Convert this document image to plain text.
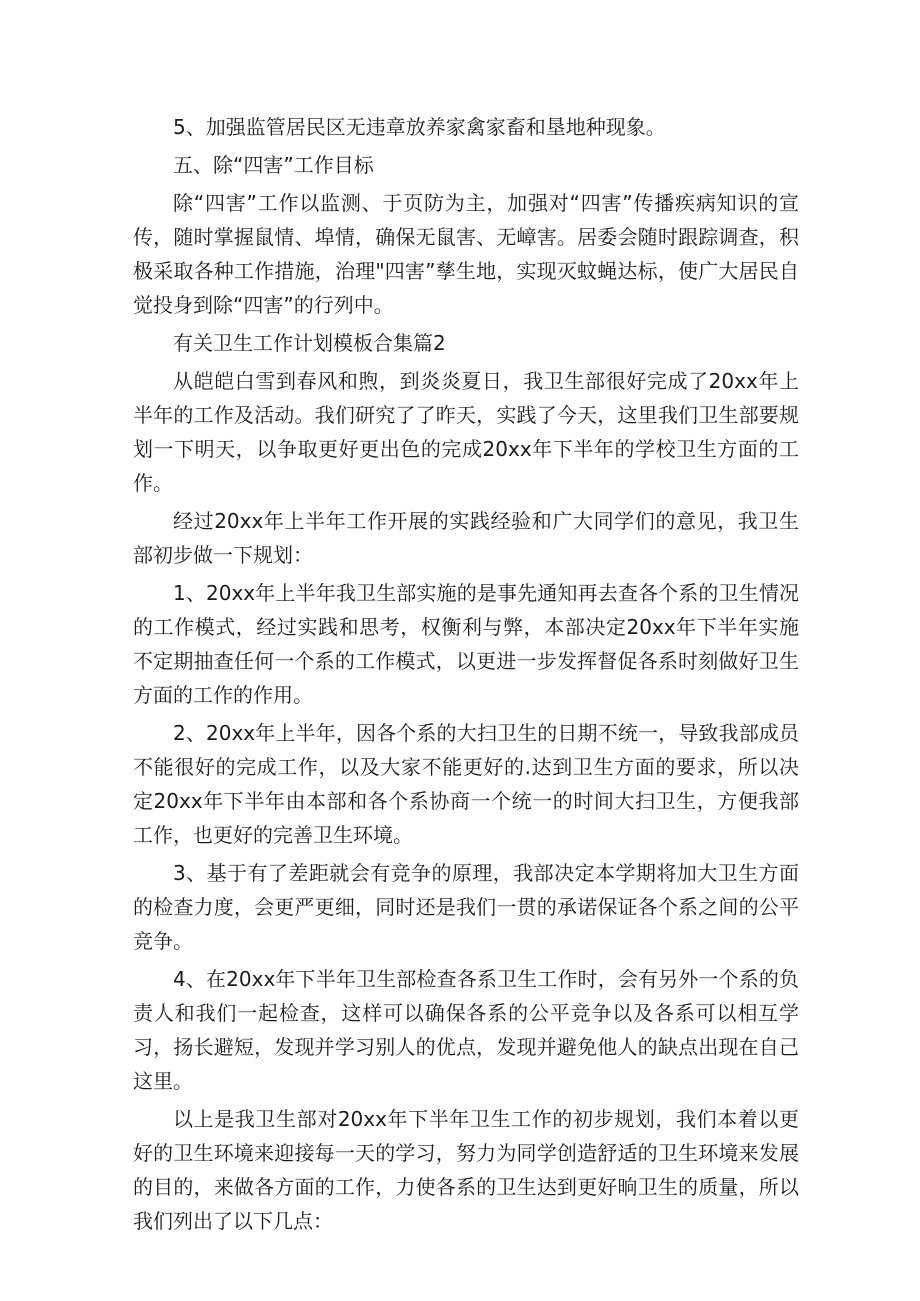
5、加强监管居民区无违章放养家禽家畜和垦地种现象。

五、除“四害”工作目标

除“四害”工作以监测、于页防为主，加强对“四害”传播疾病知识的宣传，随时掌握鼠情、埠情，确保无鼠害、无嶂害。居委会随时跟踪调查，积极采取各种工作措施，治理"四害”孳生地，实现灭蚊蝇达标，使广大居民自觉投身到除“四害”的行列中。

有关卫生工作计划模板合集篇2

从皑皑白雪到春风和煦，到炎炎夏日，我卫生部很好完成了20xx年上半年的工作及活动。我们研究了了昨天，实践了今天，这里我们卫生部要规划一下明天，以争取更好更出色的完成20xx年下半年的学校卫生方面的工作。

经过20xx年上半年工作开展的实践经验和广大同学们的意见，我卫生部初步做一下规划：

1、20xx年上半年我卫生部实施的是事先通知再去查各个系的卫生情况的工作模式，经过实践和思考，权衡利与弊，本部决定20xx年下半年实施不定期抽查任何一个系的工作模式，以更进一步发挥督促各系时刻做好卫生方面的工作的作用。

2、20xx年上半年，因各个系的大扫卫生的日期不统一，导致我部成员不能很好的完成工作，以及大家不能更好的.达到卫生方面的要求，所以决定20xx年下半年由本部和各个系协商一个统一的时间大扫卫生，方便我部工作，也更好的完善卫生环境。

3、基于有了差距就会有竞争的原理，我部决定本学期将加大卫生方面的检查力度，会更严更细，同时还是我们一贯的承诺保证各个系之间的公平竞争。

4、在20xx年下半年卫生部检查各系卫生工作时，会有另外一个系的负责人和我们一起检查，这样可以确保各系的公平竞争以及各系可以相互学习，扬长避短，发现并学习别人的优点，发现并避免他人的缺点出现在自己这里。

以上是我卫生部对20xx年下半年卫生工作的初步规划，我们本着以更好的卫生环境来迎接每一天的学习，努力为同学创造舒适的卫生环境来发展的目的，来做各方面的工作，力使各系的卫生达到更好晌卫生的质量，所以我们列出了以下几点：
